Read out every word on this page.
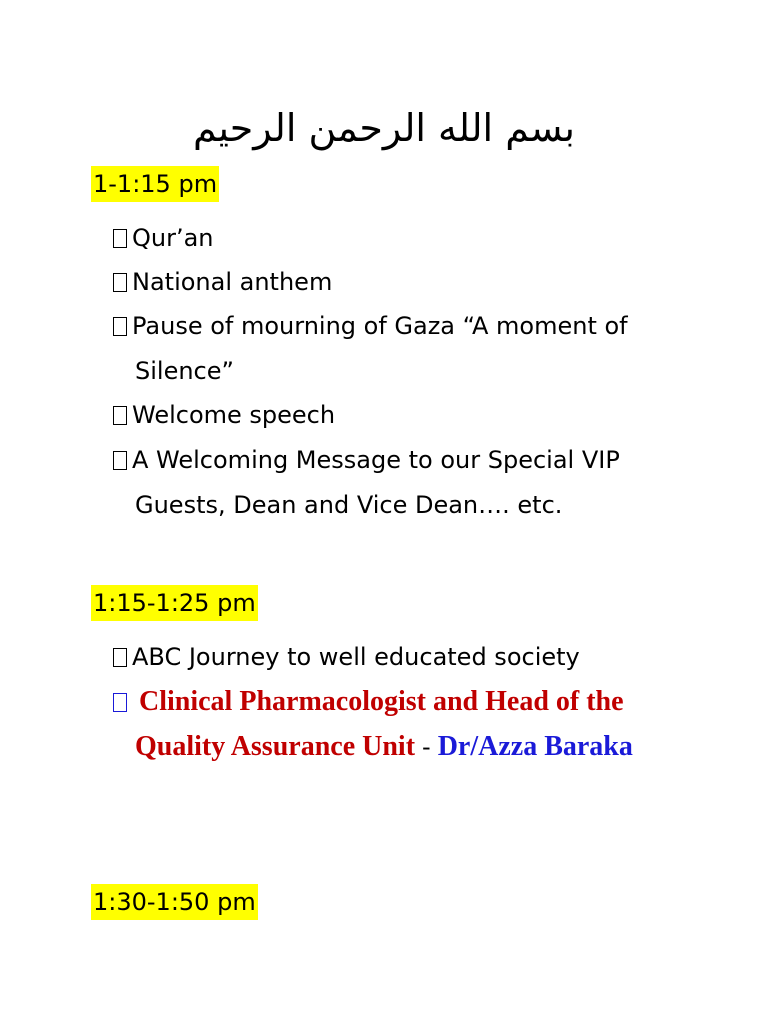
بسم الله الرحمن الرحيم
1-1:15 pm
Qur’an
National anthem
Pause of mourning of Gaza “A moment of Silence”
Welcome speech
A Welcoming Message to our Special VIP Guests, Dean and Vice Dean…. etc.
1:15-1:25 pm
ABC Journey to well educated society
Clinical Pharmacologist and Head of the Quality Assurance Unit - Dr/Azza Baraka
1:30-1:50 pm
